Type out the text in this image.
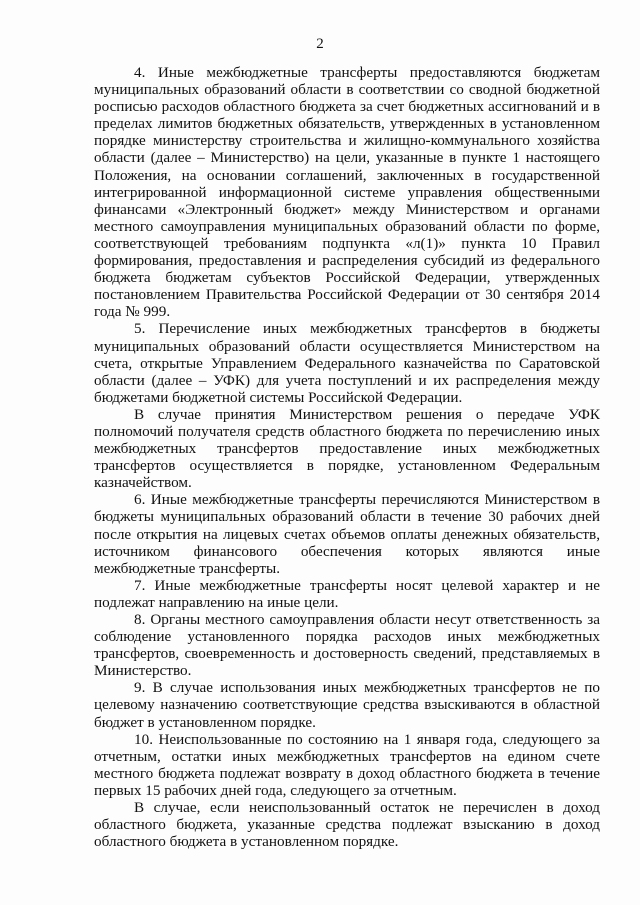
2

4. Иные межбюджетные трансферты предоставляются бюджетам муниципальных образований области в соответствии со сводной бюджетной росписью расходов областного бюджета за счет бюджетных ассигнований и в пределах лимитов бюджетных обязательств, утвержденных в установленном порядке министерству строительства и жилищно-коммунального хозяйства области (далее – Министерство) на цели, указанные в пункте 1 настоящего Положения, на основании соглашений, заключенных в государственной интегрированной информационной системе управления общественными финансами «Электронный бюджет» между Министерством и органами местного самоуправления муниципальных образований области по форме, соответствующей требованиям подпункта «л(1)» пункта 10 Правил формирования, предоставления и распределения субсидий из федерального бюджета бюджетам субъектов Российской Федерации, утвержденных постановлением Правительства Российской Федерации от 30 сентября 2014 года № 999.

5. Перечисление иных межбюджетных трансфертов в бюджеты муниципальных образований области осуществляется Министерством на счета, открытые Управлением Федерального казначейства по Саратовской области (далее – УФК) для учета поступлений и их распределения между бюджетами бюджетной системы Российской Федерации.

В случае принятия Министерством решения о передаче УФК полномочий получателя средств областного бюджета по перечислению иных межбюджетных трансфертов предоставление иных межбюджетных трансфертов осуществляется в порядке, установленном Федеральным казначейством.

6. Иные межбюджетные трансферты перечисляются Министерством в бюджеты муниципальных образований области в течение 30 рабочих дней после открытия на лицевых счетах объемов оплаты денежных обязательств, источником финансового обеспечения которых являются иные межбюджетные трансферты.

7. Иные межбюджетные трансферты носят целевой характер и не подлежат направлению на иные цели.

8. Органы местного самоуправления области несут ответственность за соблюдение установленного порядка расходов иных межбюджетных трансфертов, своевременность и достоверность сведений, представляемых в Министерство.

9. В случае использования иных межбюджетных трансфертов не по целевому назначению соответствующие средства взыскиваются в областной бюджет в установленном порядке.

10. Неиспользованные по состоянию на 1 января года, следующего за отчетным, остатки иных межбюджетных трансфертов на едином счете местного бюджета подлежат возврату в доход областного бюджета в течение первых 15 рабочих дней года, следующего за отчетным.

В случае, если неиспользованный остаток не перечислен в доход областного бюджета, указанные средства подлежат взысканию в доход областного бюджета в установленном порядке.
